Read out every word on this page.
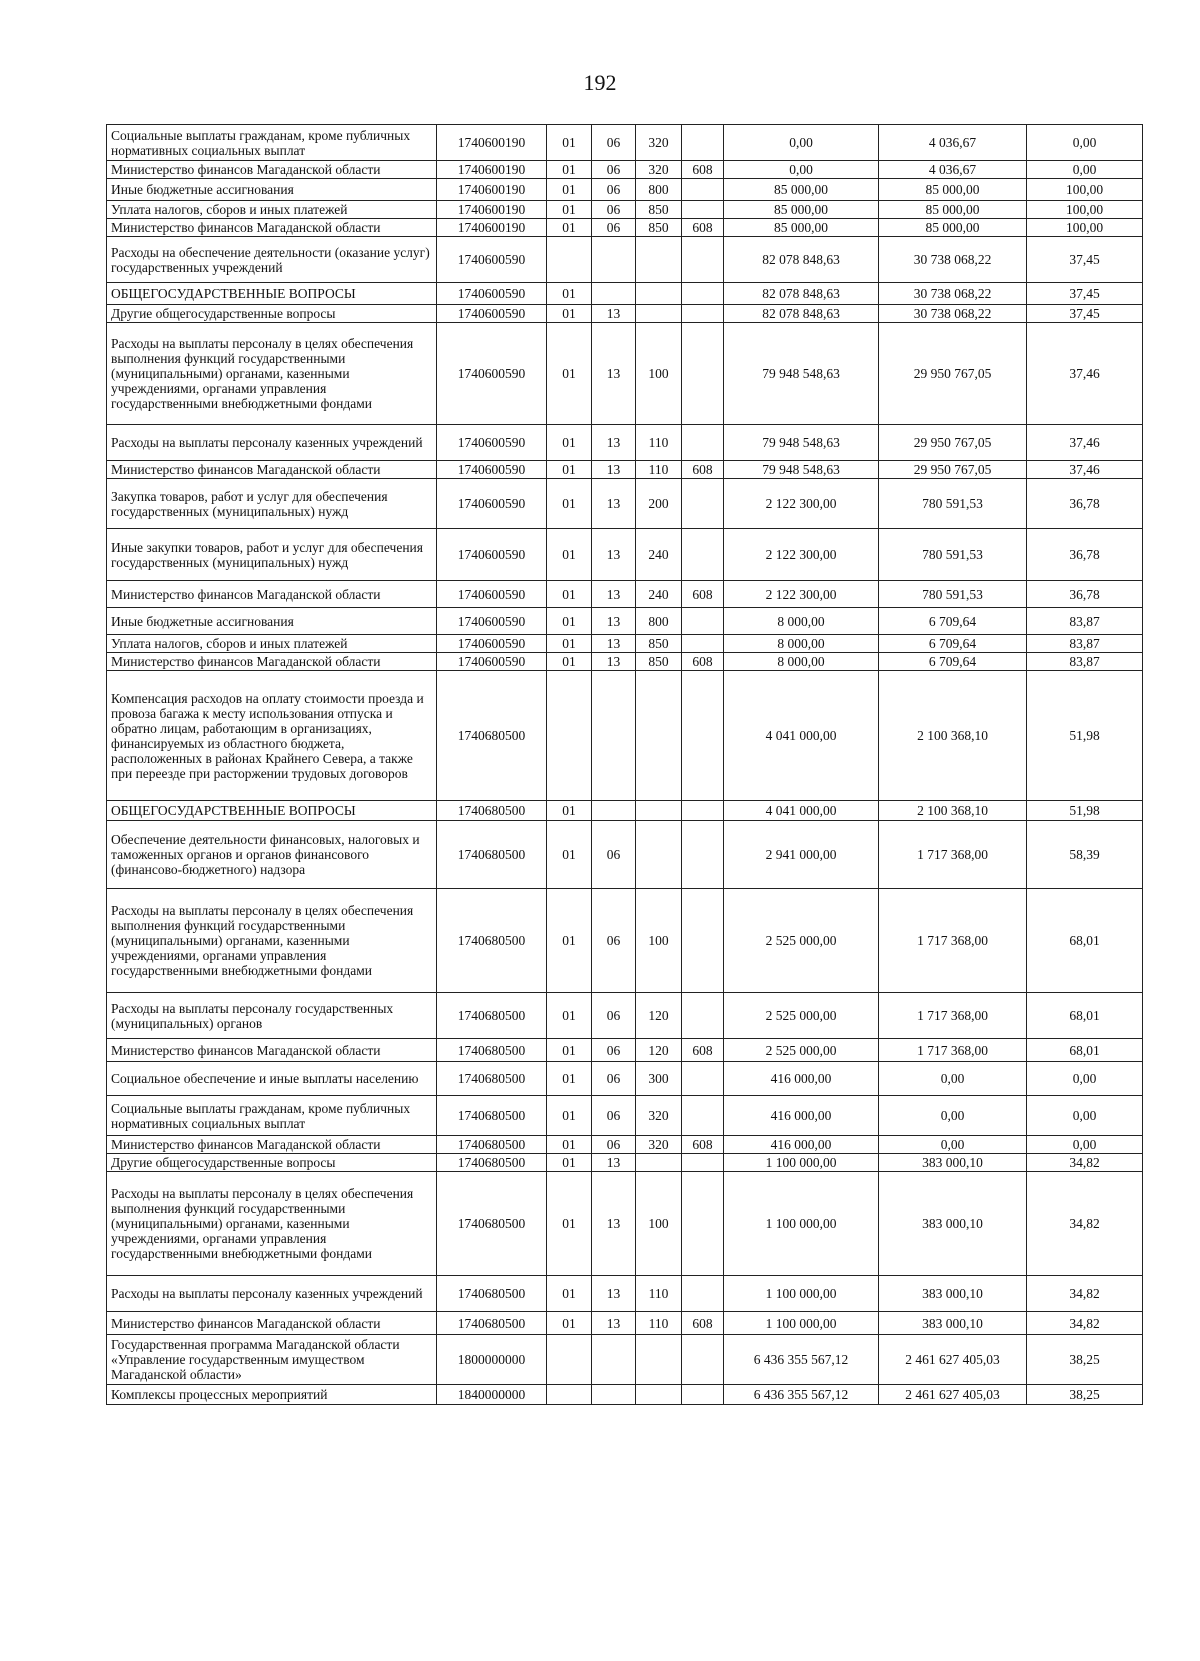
192
Социальные выплаты гражданам, кроме публичных нормативных социальных выплат	1740600190	01	06	320		0,00	4 036,67	0,00
Министерство финансов Магаданской области	1740600190	01	06	320	608	0,00	4 036,67	0,00
Иные бюджетные ассигнования	1740600190	01	06	800		85 000,00	85 000,00	100,00
Уплата налогов, сборов и иных платежей	1740600190	01	06	850		85 000,00	85 000,00	100,00
Министерство финансов Магаданской области	1740600190	01	06	850	608	85 000,00	85 000,00	100,00
Расходы на обеспечение деятельности (оказание услуг) государственных учреждений	1740600590					82 078 848,63	30 738 068,22	37,45
ОБЩЕГОСУДАРСТВЕННЫЕ ВОПРОСЫ	1740600590	01				82 078 848,63	30 738 068,22	37,45
Другие общегосударственные вопросы	1740600590	01	13			82 078 848,63	30 738 068,22	37,45
Расходы на выплаты персоналу в целях обеспечения выполнения функций государственными (муниципальными) органами, казенными учреждениями, органами управления государственными внебюджетными фондами	1740600590	01	13	100		79 948 548,63	29 950 767,05	37,46
Расходы на выплаты персоналу казенных учреждений	1740600590	01	13	110		79 948 548,63	29 950 767,05	37,46
Министерство финансов Магаданской области	1740600590	01	13	110	608	79 948 548,63	29 950 767,05	37,46
Закупка товаров, работ и услуг для обеспечения государственных (муниципальных) нужд	1740600590	01	13	200		2 122 300,00	780 591,53	36,78
Иные закупки товаров, работ и услуг для обеспечения государственных (муниципальных) нужд	1740600590	01	13	240		2 122 300,00	780 591,53	36,78
Министерство финансов Магаданской области	1740600590	01	13	240	608	2 122 300,00	780 591,53	36,78
Иные бюджетные ассигнования	1740600590	01	13	800		8 000,00	6 709,64	83,87
Уплата налогов, сборов и иных платежей	1740600590	01	13	850		8 000,00	6 709,64	83,87
Министерство финансов Магаданской области	1740600590	01	13	850	608	8 000,00	6 709,64	83,87
Компенсация расходов на оплату стоимости проезда и провоза багажа к месту использования отпуска и обратно лицам, работающим в организациях, финансируемых из областного бюджета, расположенных в районах Крайнего Севера, а также при переезде при расторжении трудовых договоров	1740680500					4 041 000,00	2 100 368,10	51,98
ОБЩЕГОСУДАРСТВЕННЫЕ ВОПРОСЫ	1740680500	01				4 041 000,00	2 100 368,10	51,98
Обеспечение деятельности финансовых, налоговых и таможенных органов и органов финансового (финансово-бюджетного) надзора	1740680500	01	06			2 941 000,00	1 717 368,00	58,39
Расходы на выплаты персоналу в целях обеспечения выполнения функций государственными (муниципальными) органами, казенными учреждениями, органами управления государственными внебюджетными фондами	1740680500	01	06	100		2 525 000,00	1 717 368,00	68,01
Расходы на выплаты персоналу государственных (муниципальных) органов	1740680500	01	06	120		2 525 000,00	1 717 368,00	68,01
Министерство финансов Магаданской области	1740680500	01	06	120	608	2 525 000,00	1 717 368,00	68,01
Социальное обеспечение и иные выплаты населению	1740680500	01	06	300		416 000,00	0,00	0,00
Социальные выплаты гражданам, кроме публичных нормативных социальных выплат	1740680500	01	06	320		416 000,00	0,00	0,00
Министерство финансов Магаданской области	1740680500	01	06	320	608	416 000,00	0,00	0,00
Другие общегосударственные вопросы	1740680500	01	13			1 100 000,00	383 000,10	34,82
Расходы на выплаты персоналу в целях обеспечения выполнения функций государственными (муниципальными) органами, казенными учреждениями, органами управления государственными внебюджетными фондами	1740680500	01	13	100		1 100 000,00	383 000,10	34,82
Расходы на выплаты персоналу казенных учреждений	1740680500	01	13	110		1 100 000,00	383 000,10	34,82
Министерство финансов Магаданской области	1740680500	01	13	110	608	1 100 000,00	383 000,10	34,82
Государственная программа Магаданской области «Управление государственным имуществом Магаданской области»	1800000000					6 436 355 567,12	2 461 627 405,03	38,25
Комплексы процессных мероприятий	1840000000					6 436 355 567,12	2 461 627 405,03	38,25
